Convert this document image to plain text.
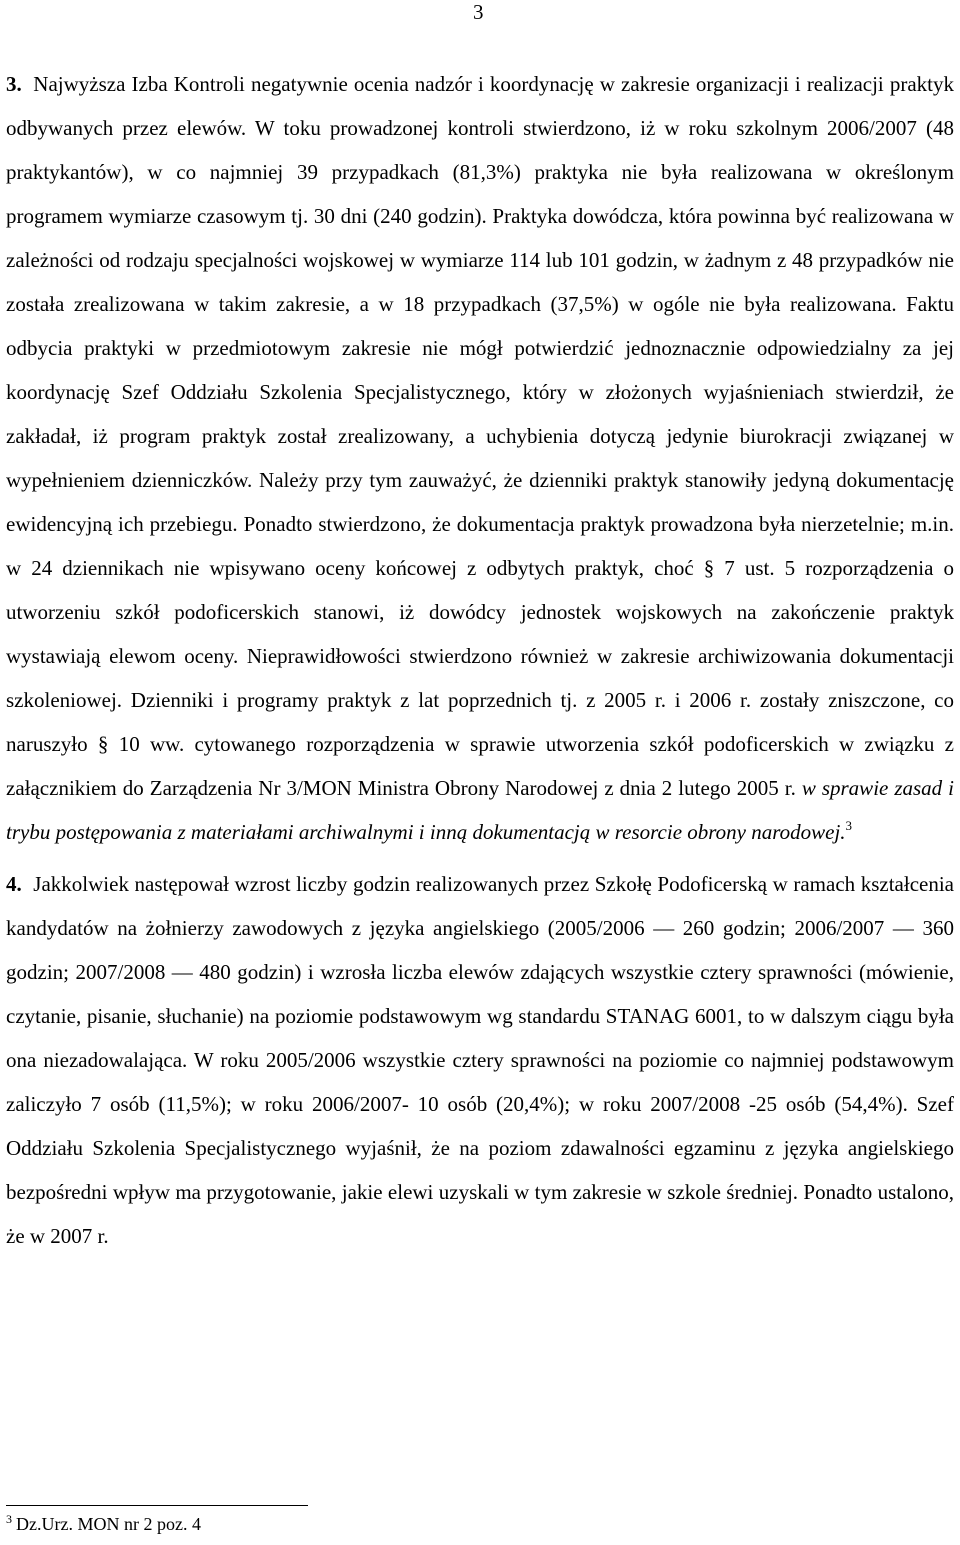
3

3. Najwyższa Izba Kontroli negatywnie ocenia nadzór i koordynację w zakresie organizacji i realizacji praktyk odbywanych przez elewów. W toku prowadzonej kontroli stwierdzono, iż w roku szkolnym 2006/2007 (48 praktykantów), w co najmniej 39 przypadkach (81,3%) praktyka nie była realizowana w określonym programem wymiarze czasowym tj. 30 dni (240 godzin). Praktyka dowódcza, która powinna być realizowana w zależności od rodzaju specjalności wojskowej w wymiarze 114 lub 101 godzin, w żadnym z 48 przypadków nie została zrealizowana w takim zakresie, a w 18 przypadkach (37,5%) w ogóle nie była realizowana. Faktu odbycia praktyki w przedmiotowym zakresie nie mógł potwierdzić jednoznacznie odpowiedzialny za jej koordynację Szef Oddziału Szkolenia Specjalistycznego, który w złożonych wyjaśnieniach stwierdził, że zakładał, iż program praktyk został zrealizowany, a uchybienia dotyczą jedynie biurokracji związanej w wypełnieniem dzienniczków. Należy przy tym zauważyć, że dzienniki praktyk stanowiły jedyną dokumentację ewidencyjną ich przebiegu. Ponadto stwierdzono, że dokumentacja praktyk prowadzona była nierzetelnie; m.in. w 24 dziennikach nie wpisywano oceny końcowej z odbytych praktyk, choć § 7 ust. 5 rozporządzenia o utworzeniu szkół podoficerskich stanowi, iż dowódcy jednostek wojskowych na zakończenie praktyk wystawiają elewom oceny. Nieprawidłowości stwierdzono również w zakresie archiwizowania dokumentacji szkoleniowej. Dzienniki i programy praktyk z lat poprzednich tj. z 2005 r. i 2006 r. zostały zniszczone, co naruszyło § 10 ww. cytowanego rozporządzenia w sprawie utworzenia szkół podoficerskich w związku z załącznikiem do Zarządzenia Nr 3/MON Ministra Obrony Narodowej z dnia 2 lutego 2005 r. w sprawie zasad i trybu postępowania z materiałami archiwalnymi i inną dokumentacją w resorcie obrony narodowej.$^3$

4. Jakkolwiek następował wzrost liczby godzin realizowanych przez Szkołę Podoficerską w ramach kształcenia kandydatów na żołnierzy zawodowych z języka angielskiego (2005/2006 — 260 godzin; 2006/2007 — 360 godzin; 2007/2008 — 480 godzin) i wzrosła liczba elewów zdających wszystkie cztery sprawności (mówienie, czytanie, pisanie, słuchanie) na poziomie podstawowym wg standardu STANAG 6001, to w dalszym ciągu była ona niezadowalająca. W roku 2005/2006 wszystkie cztery sprawności na poziomie co najmniej podstawowym zaliczyło 7 osób (11,5%); w roku 2006/2007- 10 osób (20,4%); w roku 2007/2008 -25 osób (54,4%). Szef Oddziału Szkolenia Specjalistycznego wyjaśnił, że na poziom zdawalności egzaminu z języka angielskiego bezpośredni wpływ ma przygotowanie, jakie elewi uzyskali w tym zakresie w szkole średniej. Ponadto ustalono, że w 2007 r.

$^3$ Dz.Urz. MON nr 2 poz. 4
